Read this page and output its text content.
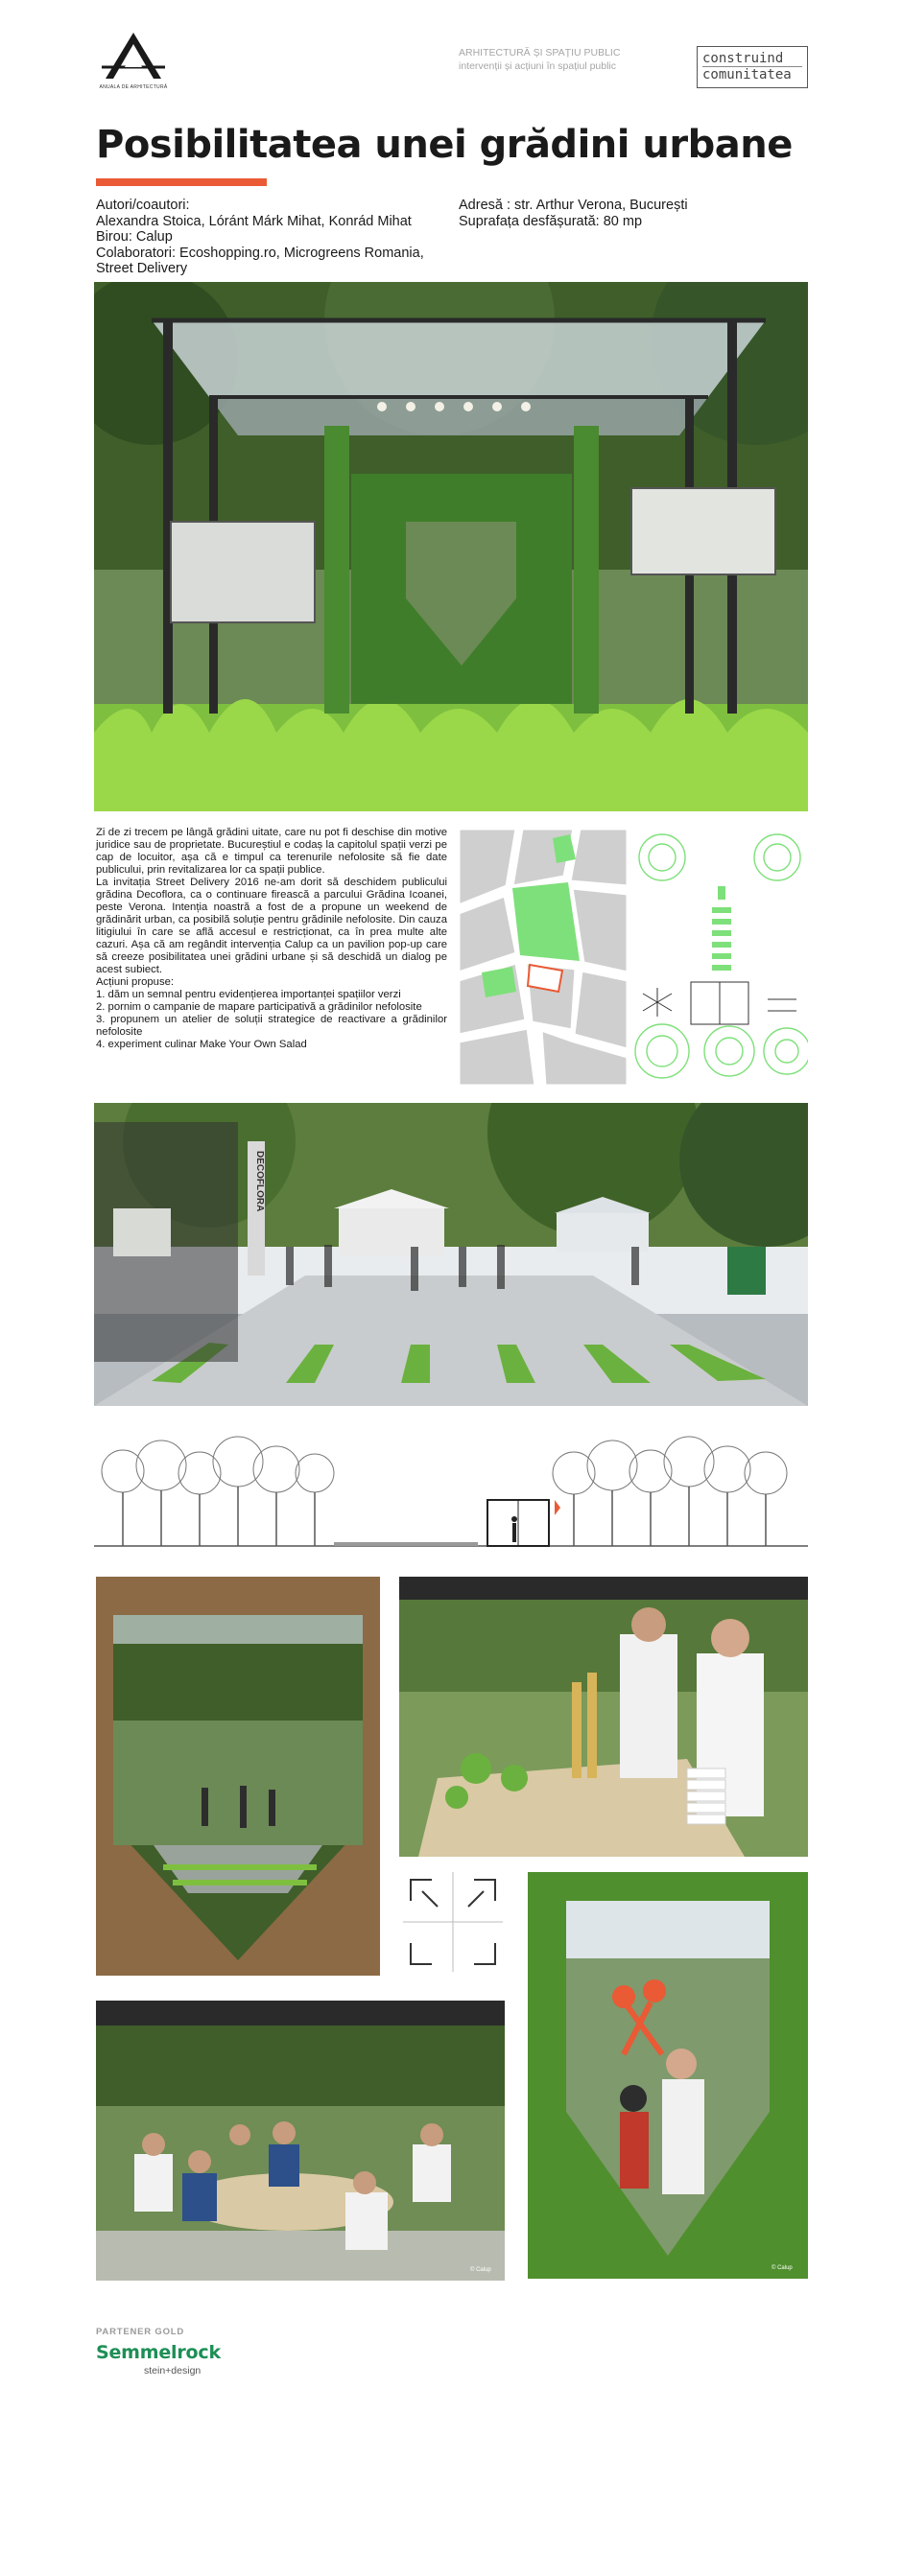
ANUALA DE ARHITECTURĂ
ARHITECTURĂ ȘI SPAȚIU PUBLIC
intervenții și acțiuni în spațiul public	construind
comunitatea
Posibilitatea unei grădini urbane
Autori/coautori:
Alexandra Stoica, Lóránt Márk Mihat, Konrád Mihat
Birou: Calup
Colaboratori: Ecoshopping.ro, Microgreens Romania, Street Delivery
Adresă : str. Arthur Verona, București
Suprafața desfășurată: 80 mp

Zi de zi trecem pe lângă grădini uitate, care nu pot fi deschise din motive juridice sau de proprietate. Bucureștiul e codaș la capitolul spații verzi pe cap de locuitor, așa că e timpul ca terenurile nefolosite să fie date publicului, prin revitalizarea lor ca spații publice.

La invitația Street Delivery 2016 ne-am dorit să deschidem publicului grădina Decoflora, ca o continuare firească a parcului Grădina Icoanei, peste Verona. Intenția noastră a fost de a propune un weekend de grădinărit urban, ca posibilă soluție pentru grădinile nefolosite. Din cauza litigiului în care se află accesul e restricționat, ca în prea multe alte cazuri. Așa că am regândit intervenția Calup ca un pavilion pop-up care să creeze posibilitatea unei grădini urbane și să deschidă un dialog pe acest subiect.

Acțiuni propuse:

1. dăm un semnal pentru evidențierea importanței spațiilor verzi

2. pornim o campanie de mapare participativă a grădinilor nefolosite

3. propunem un atelier de soluții strategice de reactivare a grădinilor nefolosite

4. experiment culinar Make Your Own Salad

DECOFLORA
© Calup
© Calup
PARTENER GOLD
Semmelrock
stein+design
